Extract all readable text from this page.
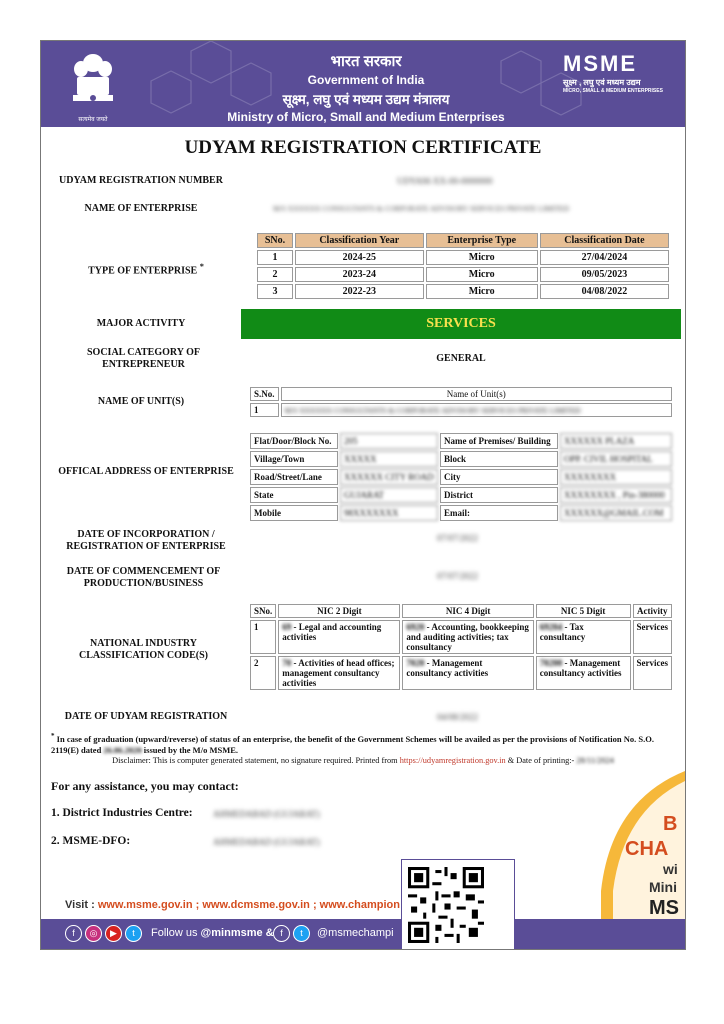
सत्यमेव जयते
भारत सरकार
Government of India
सूक्ष्म, लघु एवं मध्यम उद्यम मंत्रालय
Ministry of Micro, Small and Medium Enterprises
MSME
सूक्ष्म , लघु एवं मध्यम उद्यम
MICRO, SMALL & MEDIUM ENTERPRISES
UDYAM REGISTRATION CERTIFICATE
UDYAM REGISTRATION NUMBER	UDYAM-XX-00-0000000
NAME OF ENTERPRISE	M/S XXXXXX CONSULTANTS & CORPORATE ADVISORY SERVICES PRIVATE LIMITED
TYPE OF ENTERPRISE *
SNo.	Classification Year	Enterprise Type	Classification Date
1	2024-25	Micro	27/04/2024
2	2023-24	Micro	09/05/2023
3	2022-23	Micro	04/08/2022
MAJOR ACTIVITY	SERVICES
SOCIAL CATEGORY OF ENTREPRENEUR
GENERAL
NAME OF UNIT(S)
S.No.	Name of Unit(s)
1	M/S XXXXXX CONSULTANTS & CORPORATE ADVISORY SERVICES PRIVATE LIMITED
OFFICAL ADDRESS OF ENTERPRISE
Flat/Door/Block No.	205	Name of Premises/ Building	XXXXXX PLAZA
Village/Town	XXXXX	Block	OPP. CIVIL HOSPITAL
Road/Street/Lane	XXXXXX CITY ROAD	City	XXXXXXXX
State	GUJARAT	District	XXXXXXXX , Pin-380000
Mobile	98XXXXXXX	Email:	XXXXXX@GMAIL.COM
DATE OF INCORPORATION / REGISTRATION OF ENTERPRISE
07/07/2022
DATE OF COMMENCEMENT OF PRODUCTION/BUSINESS
07/07/2022
NATIONAL INDUSTRY CLASSIFICATION CODE(S)
SNo.	NIC 2 Digit	NIC 4 Digit	NIC 5 Digit	Activity
1	69 - Legal and accounting activities	6920 - Accounting, bookkeeping and auditing activities; tax consultancy	69204 - Tax consultancy	Services
2	70 - Activities of head offices; management consultancy activities	7020 - Management consultancy activities	70200 - Management consultancy activities	Services
DATE OF UDYAM REGISTRATION	04/08/2022
* In case of graduation (upward/reverse) of status of an enterprise, the benefit of the Government Schemes will be availed as per the provisions of Notification No. S.O. 2119(E) dated 26.06.2020 issued by the M/o MSME.
Disclaimer: This is computer generated statement, no signature required. Printed from https://udyamregistration.gov.in & Date of printing:- 28/11/2024
For any assistance, you may contact:
1. District Industries Centre: AHMEDABAD (GUJARAT)
2. MSME-DFO:	AHMEDABAD (GUJARAT)
B
CHA
wi
Mini
MS
Visit : www.msme.gov.in ; www.dcmsme.gov.in ; www.champion
f	◎	▶	t	Follow us @minmsme & f	t	@msmechampi
